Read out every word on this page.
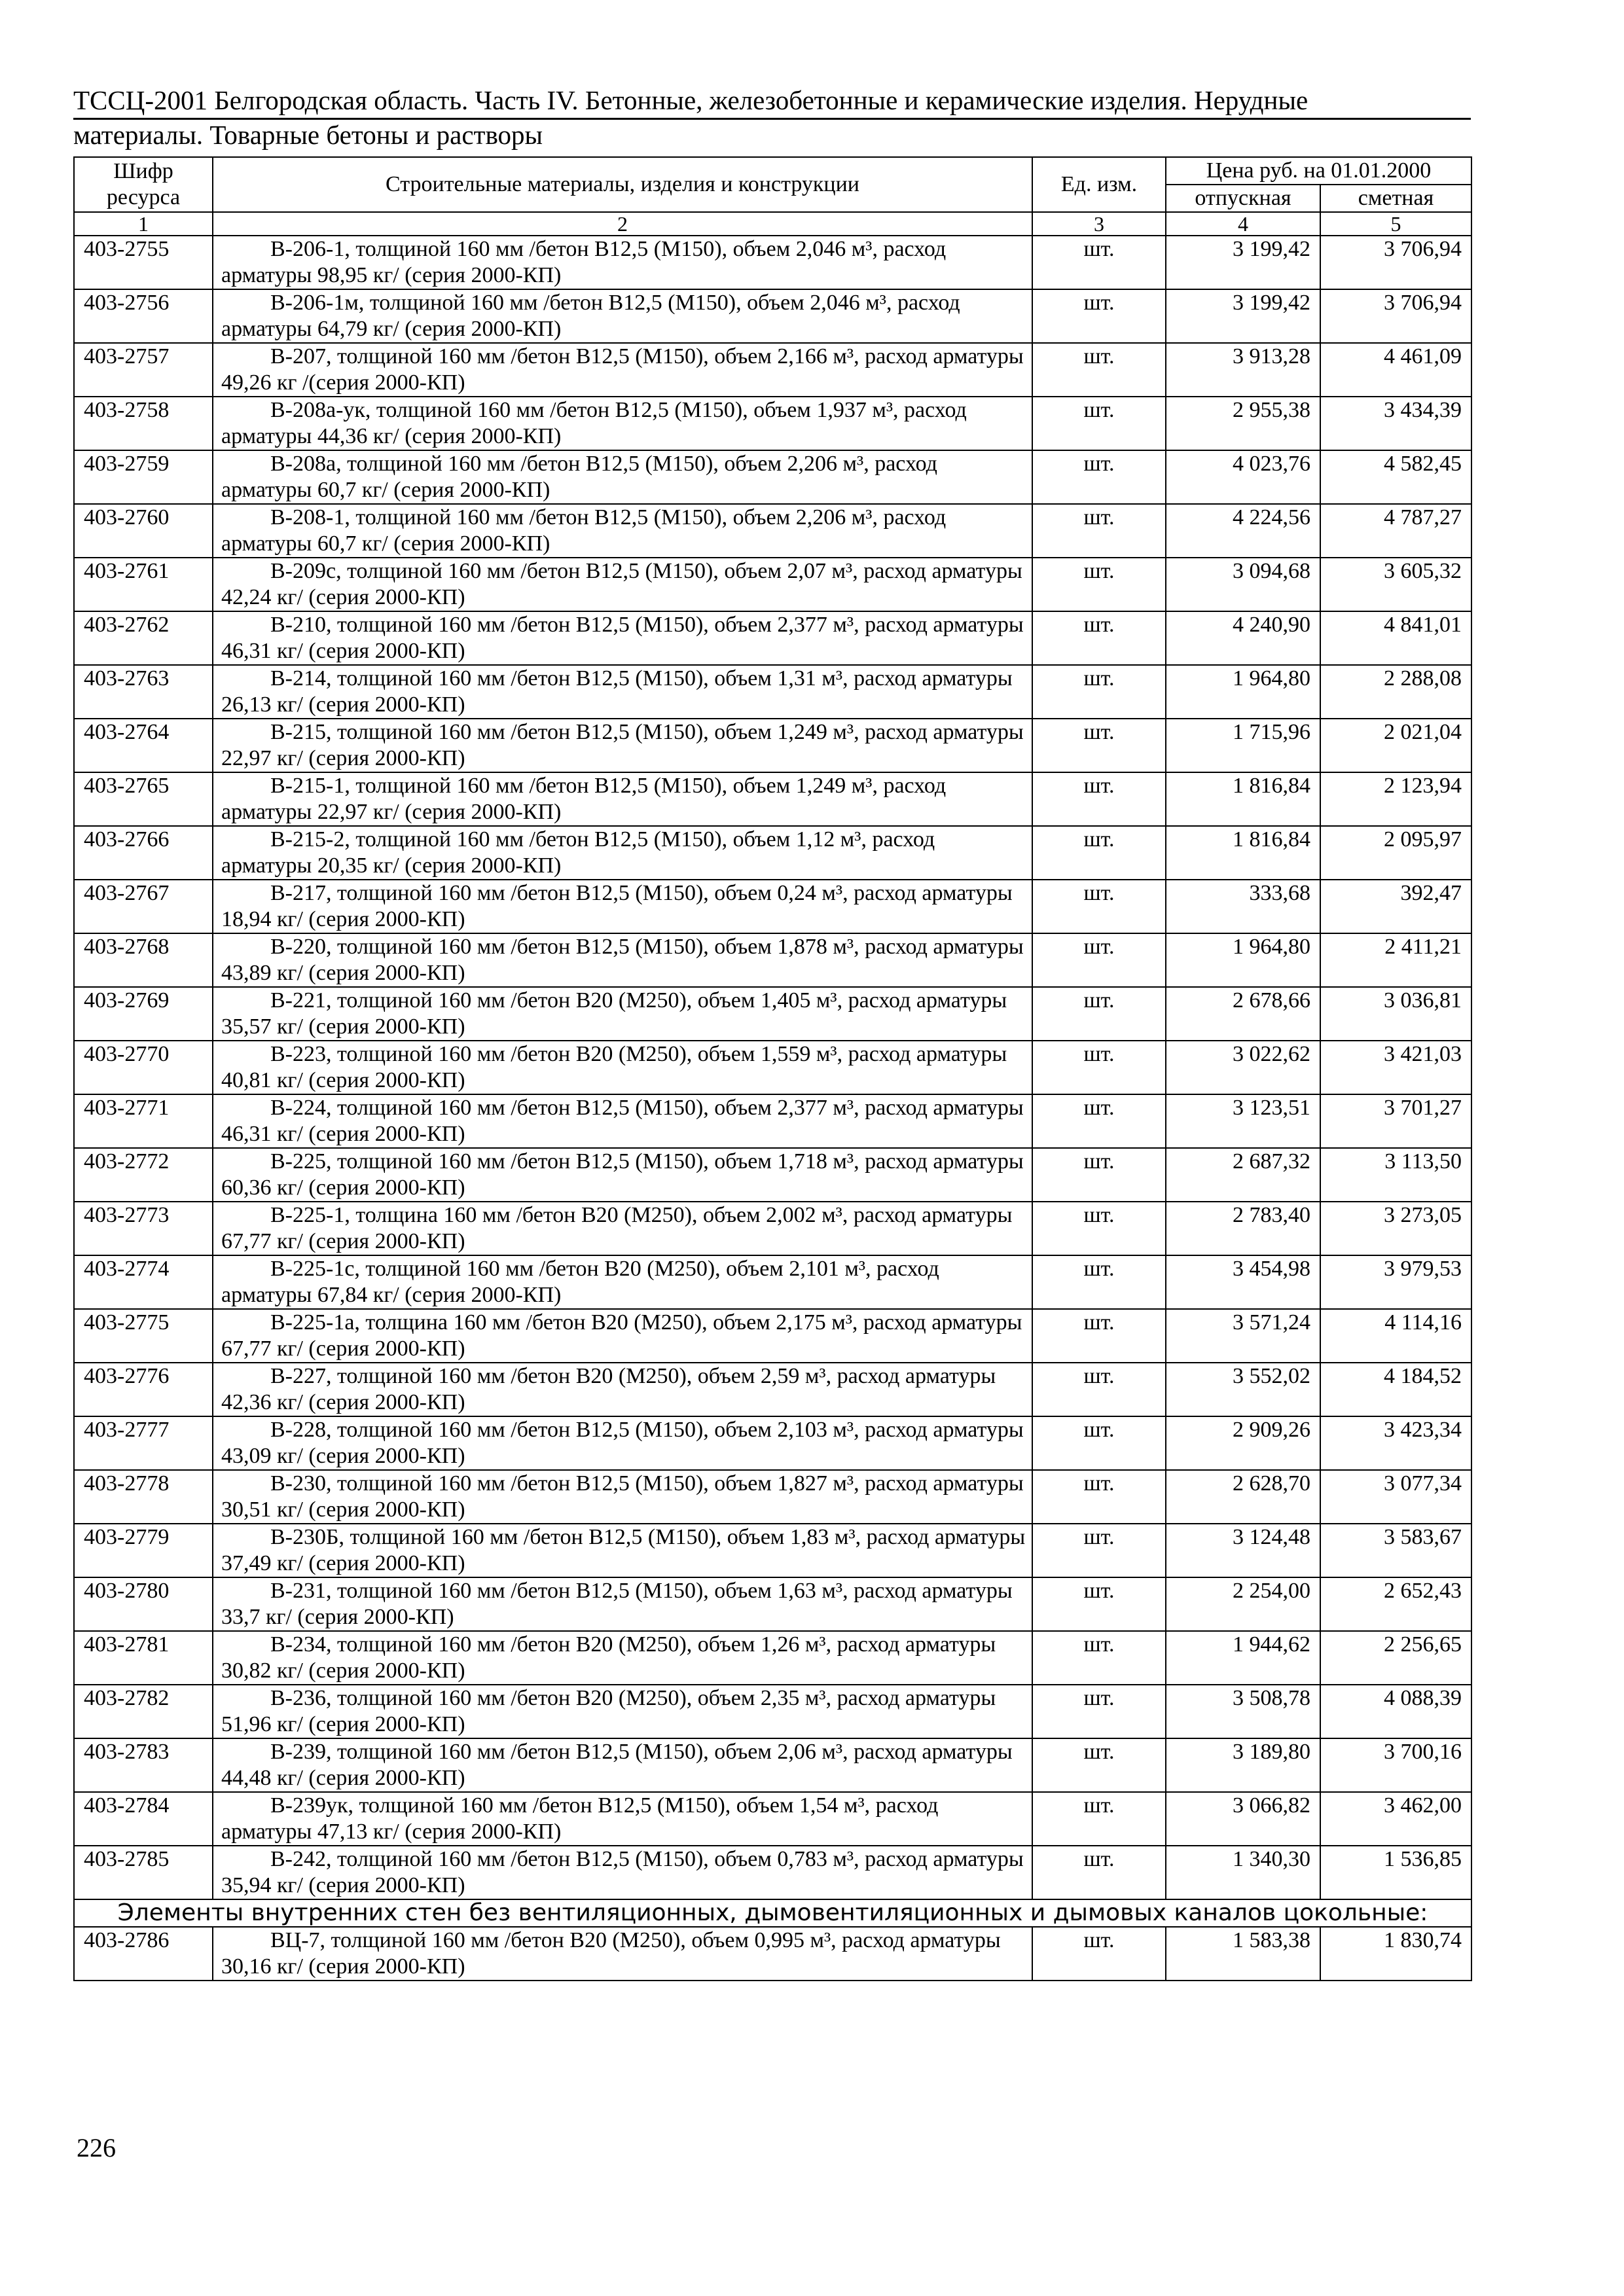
ТССЦ-2001 Белгородская область. Часть IV. Бетонные, железобетонные и керамические изделия. Нерудные
материалы. Товарные бетоны и растворы
Шифр ресурса	Строительные материалы, изделия и конструкции	Ед. изм.	Цена руб. на 01.01.2000	
			отпускная	сметная
1	2	3	4	5
403-2755	В-206-1, толщиной 160 мм /бетон В12,5 (М150), объем 2,046 м³, расход арматуры 98,95 кг/ (серия 2000-КП)	шт.	3 199,42	3 706,94
403-2756	В-206-1м, толщиной 160 мм /бетон В12,5 (М150), объем 2,046 м³, расход арматуры 64,79 кг/ (серия 2000-КП)	шт.	3 199,42	3 706,94
403-2757	В-207, толщиной 160 мм /бетон В12,5 (М150), объем 2,166 м³, расход арматуры 49,26 кг /(серия 2000-КП)	шт.	3 913,28	4 461,09
403-2758	В-208а-ук, толщиной 160 мм /бетон В12,5 (М150), объем 1,937 м³, расход арматуры 44,36 кг/ (серия 2000-КП)	шт.	2 955,38	3 434,39
403-2759	В-208а, толщиной 160 мм /бетон В12,5 (М150), объем 2,206 м³, расход арматуры 60,7 кг/ (серия 2000-КП)	шт.	4 023,76	4 582,45
403-2760	В-208-1, толщиной 160 мм /бетон В12,5 (М150), объем 2,206 м³, расход арматуры 60,7 кг/ (серия 2000-КП)	шт.	4 224,56	4 787,27
403-2761	В-209с, толщиной 160 мм /бетон В12,5 (М150), объем 2,07 м³, расход арматуры 42,24 кг/ (серия 2000-КП)	шт.	3 094,68	3 605,32
403-2762	В-210, толщиной 160 мм /бетон В12,5 (М150), объем 2,377 м³, расход арматуры 46,31 кг/ (серия 2000-КП)	шт.	4 240,90	4 841,01
403-2763	В-214, толщиной 160 мм /бетон В12,5 (М150), объем 1,31 м³, расход арматуры 26,13 кг/ (серия 2000-КП)	шт.	1 964,80	2 288,08
403-2764	В-215, толщиной 160 мм /бетон В12,5 (М150), объем 1,249 м³, расход арматуры 22,97 кг/ (серия 2000-КП)	шт.	1 715,96	2 021,04
403-2765	В-215-1, толщиной 160 мм /бетон В12,5 (М150), объем 1,249 м³, расход арматуры 22,97 кг/ (серия 2000-КП)	шт.	1 816,84	2 123,94
403-2766	В-215-2, толщиной 160 мм /бетон В12,5 (М150), объем 1,12 м³, расход арматуры 20,35 кг/ (серия 2000-КП)	шт.	1 816,84	2 095,97
403-2767	В-217, толщиной 160 мм /бетон В12,5 (М150), объем 0,24 м³, расход арматуры 18,94 кг/ (серия 2000-КП)	шт.	333,68	392,47
403-2768	В-220, толщиной 160 мм /бетон В12,5 (М150), объем 1,878 м³, расход арматуры 43,89 кг/ (серия 2000-КП)	шт.	1 964,80	2 411,21
403-2769	В-221, толщиной 160 мм /бетон В20 (М250), объем 1,405 м³, расход арматуры 35,57 кг/ (серия 2000-КП)	шт.	2 678,66	3 036,81
403-2770	В-223, толщиной 160 мм /бетон В20 (М250), объем 1,559 м³, расход арматуры 40,81 кг/ (серия 2000-КП)	шт.	3 022,62	3 421,03
403-2771	В-224, толщиной 160 мм /бетон В12,5 (М150), объем 2,377 м³, расход арматуры 46,31 кг/ (серия 2000-КП)	шт.	3 123,51	3 701,27
403-2772	В-225, толщиной 160 мм /бетон В12,5 (М150), объем 1,718 м³, расход арматуры 60,36 кг/ (серия 2000-КП)	шт.	2 687,32	3 113,50
403-2773	В-225-1, толщина 160 мм /бетон В20 (М250), объем 2,002 м³, расход арматуры 67,77 кг/ (серия 2000-КП)	шт.	2 783,40	3 273,05
403-2774	В-225-1с, толщиной 160 мм /бетон В20 (М250), объем 2,101 м³, расход арматуры 67,84 кг/ (серия 2000-КП)	шт.	3 454,98	3 979,53
403-2775	В-225-1а, толщина 160 мм /бетон В20 (М250), объем 2,175 м³, расход арматуры 67,77 кг/ (серия 2000-КП)	шт.	3 571,24	4 114,16
403-2776	В-227, толщиной 160 мм /бетон В20 (М250), объем 2,59 м³, расход арматуры 42,36 кг/ (серия 2000-КП)	шт.	3 552,02	4 184,52
403-2777	В-228, толщиной 160 мм /бетон В12,5 (М150), объем 2,103 м³, расход арматуры 43,09 кг/ (серия 2000-КП)	шт.	2 909,26	3 423,34
403-2778	В-230, толщиной 160 мм /бетон В12,5 (М150), объем 1,827 м³, расход арматуры 30,51 кг/ (серия 2000-КП)	шт.	2 628,70	3 077,34
403-2779	В-230Б, толщиной 160 мм /бетон В12,5 (М150), объем 1,83 м³, расход арматуры 37,49 кг/ (серия 2000-КП)	шт.	3 124,48	3 583,67
403-2780	В-231, толщиной 160 мм /бетон В12,5 (М150), объем 1,63 м³, расход арматуры 33,7 кг/ (серия 2000-КП)	шт.	2 254,00	2 652,43
403-2781	В-234, толщиной 160 мм /бетон В20 (М250), объем 1,26 м³, расход арматуры 30,82 кг/ (серия 2000-КП)	шт.	1 944,62	2 256,65
403-2782	В-236, толщиной 160 мм /бетон В20 (М250), объем 2,35 м³, расход арматуры 51,96 кг/ (серия 2000-КП)	шт.	3 508,78	4 088,39
403-2783	В-239, толщиной 160 мм /бетон В12,5 (М150), объем 2,06 м³, расход арматуры 44,48 кг/ (серия 2000-КП)	шт.	3 189,80	3 700,16
403-2784	В-239ук, толщиной 160 мм /бетон В12,5 (М150), объем 1,54 м³, расход арматуры 47,13 кг/ (серия 2000-КП)	шт.	3 066,82	3 462,00
403-2785	В-242, толщиной 160 мм /бетон В12,5 (М150), объем 0,783 м³, расход арматуры 35,94 кг/ (серия 2000-КП)	шт.	1 340,30	1 536,85
Элементы внутренних стен без вентиляционных, дымовентиляционных и дымовых каналов цокольные:				
403-2786	ВЦ-7, толщиной 160 мм /бетон В20 (М250), объем 0,995 м³, расход арматуры 30,16 кг/ (серия 2000-КП)	шт.	1 583,38	1 830,74
226
